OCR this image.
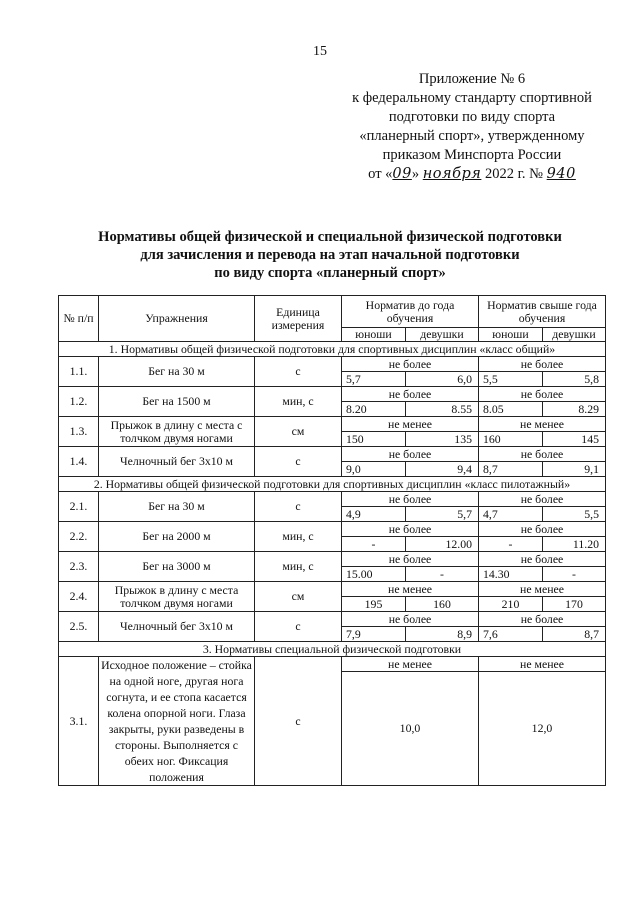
15
Приложение № 6
к федеральному стандарту спортивной
подготовки по виду спорта
«планерный спорт», утвержденному
приказом Минспорта России
от «09» ноября 2022 г. № 940
Нормативы общей физической и специальной физической подготовки
для зачисления и перевода на этап начальной подготовки
по виду спорта «планерный спорт»
№ п/п	Упражнения	Единица измерения	Норматив до года обучения		Норматив свыше года обучения	
			юноши	девушки	юноши	девушки
1. Нормативы общей физической подготовки для спортивных дисциплин «класс общий»						
1.1.	Бег на 30 м	с	не более		не более	
			5,7	6,0	5,5	5,8
1.2.	Бег на 1500 м	мин, с	не более		не более	
			8.20	8.55	8.05	8.29
1.3.	Прыжок в длину с места с толчком двумя ногами	см	не менее		не менее	
			150	135	160	145
1.4.	Челночный бег 3х10 м	с	не более		не более	
			9,0	9,4	8,7	9,1
2. Нормативы общей физической подготовки для спортивных дисциплин «класс пилотажный»						
2.1.	Бег на 30 м	с	не более		не более	
			4,9	5,7	4,7	5,5
2.2.	Бег на 2000 м	мин, с	не более		не более	
			-	12.00	-	11.20
2.3.	Бег на 3000 м	мин, с	не более		не более	
			15.00	-	14.30	-
2.4.	Прыжок в длину с места толчком двумя ногами	см	не менее		не менее	
			195	160	210	170
2.5.	Челночный бег 3х10 м	с	не более		не более	
			7,9	8,9	7,6	8,7
3. Нормативы специальной физической подготовки						
3.1.	Исходное положение – стойка на одной ноге, другая нога согнута, и ее стопа касается колена опорной ноги. Глаза закрыты, руки разведены в стороны. Выполняется с обеих ног. Фиксация положения	с	не менее		не менее	
			10,0		12,0	
